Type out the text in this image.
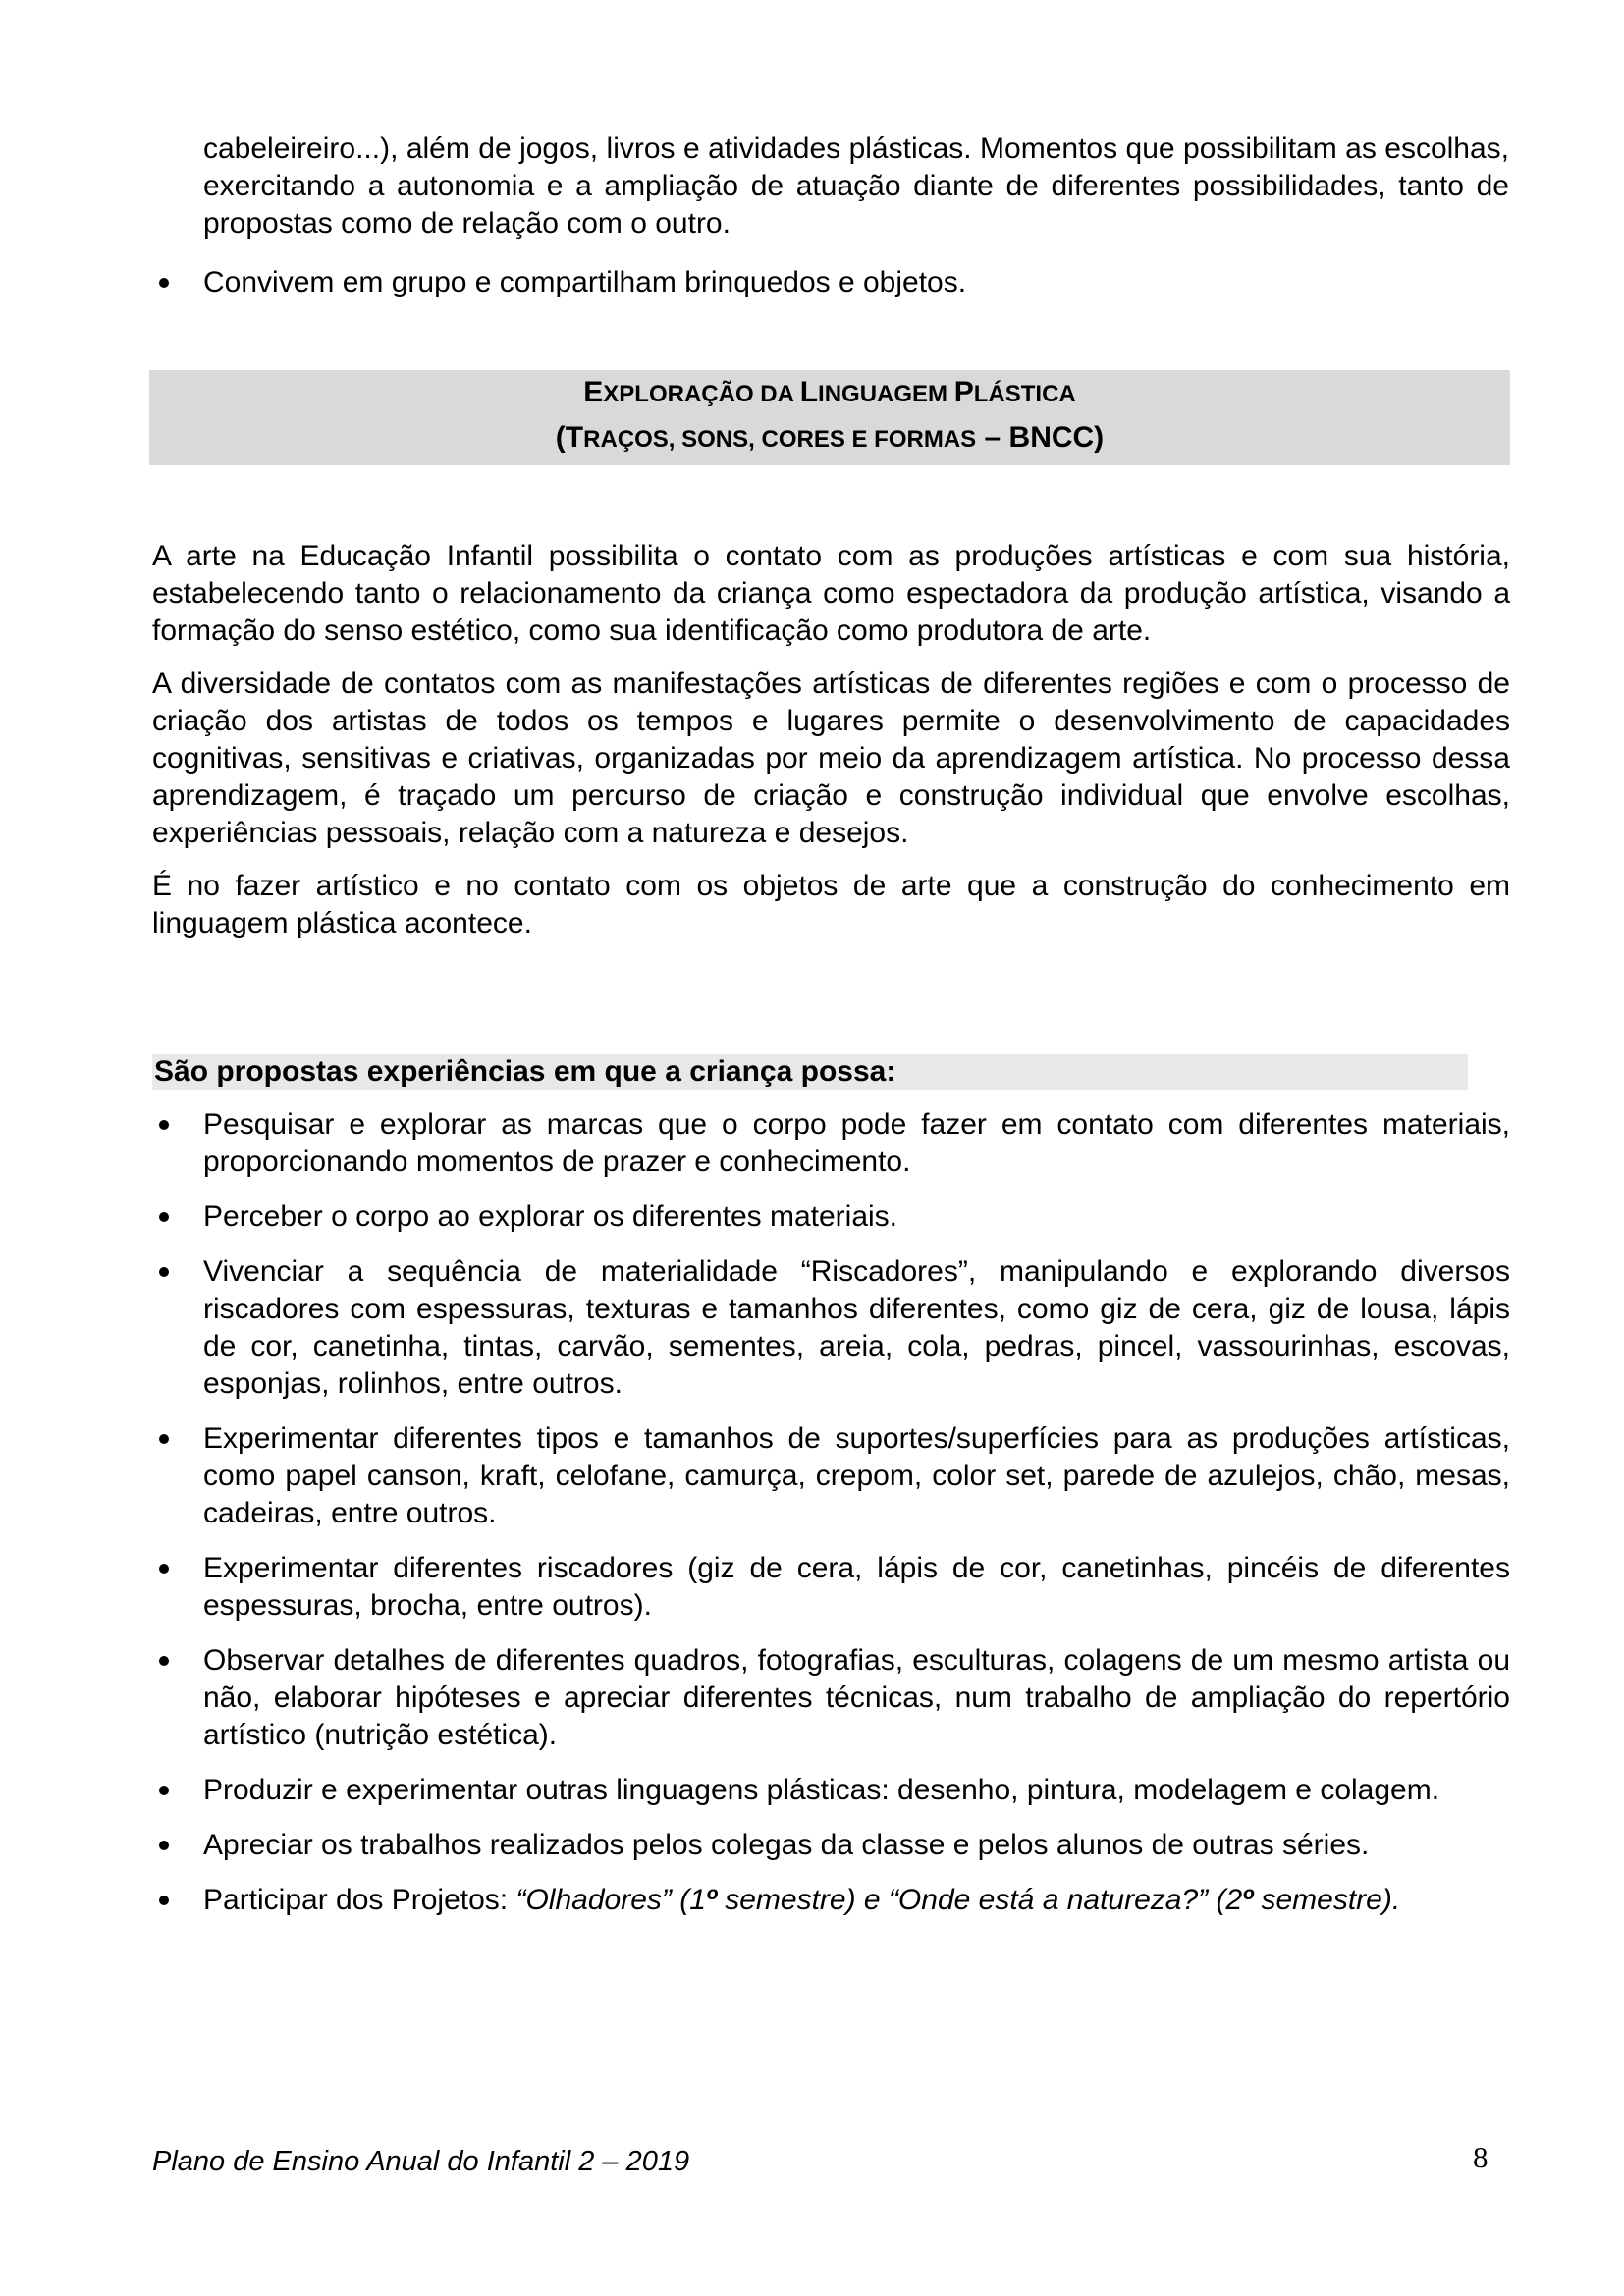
cabeleireiro...), além de jogos, livros e atividades plásticas. Momentos que possibilitam as escolhas, exercitando a autonomia e a ampliação de atuação diante de diferentes possibilidades, tanto de propostas como de relação com o outro.

Convivem em grupo e compartilham brinquedos e objetos.
EXPLORAÇÃO DA LINGUAGEM PLÁSTICA
(TRAÇOS, SONS, CORES E FORMAS – BNCC)

A arte na Educação Infantil possibilita o contato com as produções artísticas e com sua história, estabelecendo tanto o relacionamento da criança como espectadora da produção artística, visando a formação do senso estético, como sua identificação como produtora de arte.

A diversidade de contatos com as manifestações artísticas de diferentes regiões e com o processo de criação dos artistas de todos os tempos e lugares permite o desenvolvimento de capacidades cognitivas, sensitivas e criativas, organizadas por meio da aprendizagem artística. No processo dessa aprendizagem, é traçado um percurso de criação e construção individual que envolve escolhas, experiências pessoais, relação com a natureza e desejos.

É no fazer artístico e no contato com os objetos de arte que a construção do conhecimento em linguagem plástica acontece.

São propostas experiências em que a criança possa:
Pesquisar e explorar as marcas que o corpo pode fazer em contato com diferentes materiais, proporcionando momentos de prazer e conhecimento.
Perceber o corpo ao explorar os diferentes materiais.
Vivenciar a sequência de materialidade “Riscadores”, manipulando e explorando diversos riscadores com espessuras, texturas e tamanhos diferentes, como giz de cera, giz de lousa, lápis de cor, canetinha, tintas, carvão, sementes, areia, cola, pedras, pincel, vassourinhas, escovas, esponjas, rolinhos, entre outros.
Experimentar diferentes tipos e tamanhos de suportes/superfícies para as produções artísticas, como papel canson, kraft, celofane, camurça, crepom, color set, parede de azulejos, chão, mesas, cadeiras, entre outros.
Experimentar diferentes riscadores (giz de cera, lápis de cor, canetinhas, pincéis de diferentes espessuras, brocha, entre outros).
Observar detalhes de diferentes quadros, fotografias, esculturas, colagens de um mesmo artista ou não, elaborar hipóteses e apreciar diferentes técnicas, num trabalho de ampliação do repertório artístico (nutrição estética).
Produzir e experimentar outras linguagens plásticas: desenho, pintura, modelagem e colagem.
Apreciar os trabalhos realizados pelos colegas da classe e pelos alunos de outras séries.
Participar dos Projetos: “Olhadores” (1º semestre) e “Onde está a natureza?” (2º semestre).
Plano de Ensino Anual do Infantil 2 – 2019	8
